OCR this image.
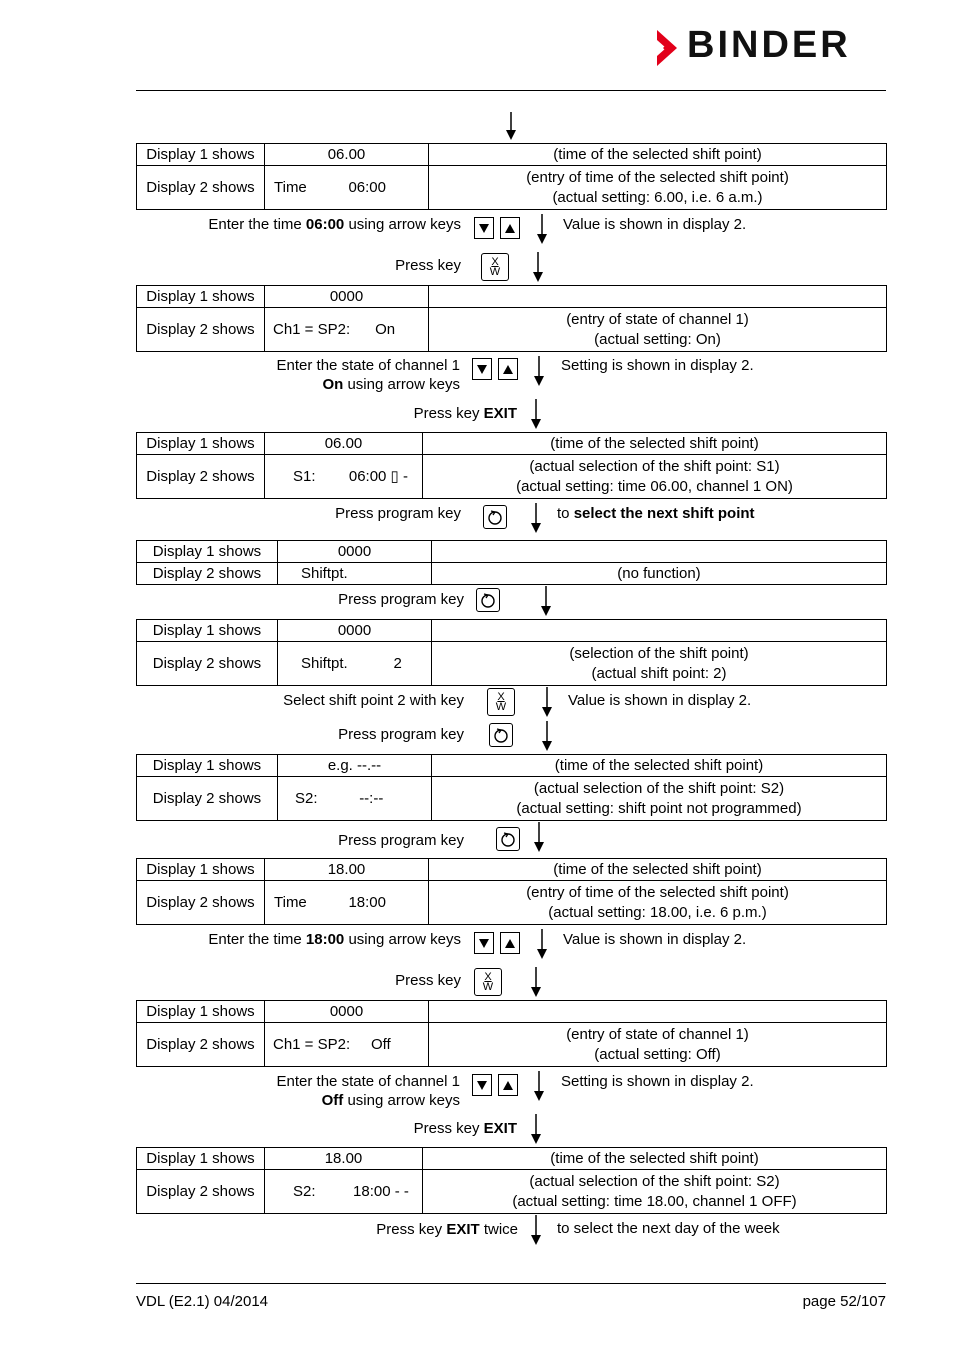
BINDER
Display 1 shows	06.00	(time of the selected shift point)
Display 2 shows	Time          06:00	(entry of time of the selected shift point)
(actual setting: 6.00, i.e. 6 a.m.)
Enter the time 06:00 using arrow keys	Value is shown in display 2.
Press key	X
W
Display 1 shows	0000	
Display 2 shows	Ch1 = SP2:      On	(entry of state of channel 1)
(actual setting: On)
Enter the state of channel 1
On using arrow keys
Setting is shown in display 2.
Press key EXIT
Display 1 shows	06.00	(time of the selected shift point)
Display 2 shows	S1:        06:00 ▯ -	(actual selection of the shift point: S1)
(actual setting: time 06.00, channel 1 ON)
Press program key	to select the next shift point
Display 1 shows	0000	
Display 2 shows	Shiftpt.	(no function)
Press program key
Display 1 shows	0000	
Display 2 shows	Shiftpt.           2	(selection of the shift point)
(actual shift point: 2)
Select shift point 2 with key	X
W	Value is shown in display 2.
Press program key
Display 1 shows	e.g. --.--	(time of the selected shift point)
Display 2 shows	S2:          --:--	(actual selection of the shift point: S2)
(actual setting: shift point not programmed)
Press program key
Display 1 shows	18.00	(time of the selected shift point)
Display 2 shows	Time          18:00	(entry of time of the selected shift point)
(actual setting: 18.00, i.e. 6 p.m.)
Enter the time 18:00 using arrow keys	Value is shown in display 2.
Press key	X
W
Display 1 shows	0000	
Display 2 shows	Ch1 = SP2:     Off	(entry of state of channel 1)
(actual setting: Off)
Enter the state of channel 1
Off using arrow keys
Setting is shown in display 2.
Press key EXIT
Display 1 shows	18.00	(time of the selected shift point)
Display 2 shows	S2:         18:00 - -	(actual selection of the shift point: S2)
(actual setting: time 18.00, channel 1 OFF)
Press key EXIT twice	to select the next day of the week
VDL (E2.1) 04/2014	page 52/107
